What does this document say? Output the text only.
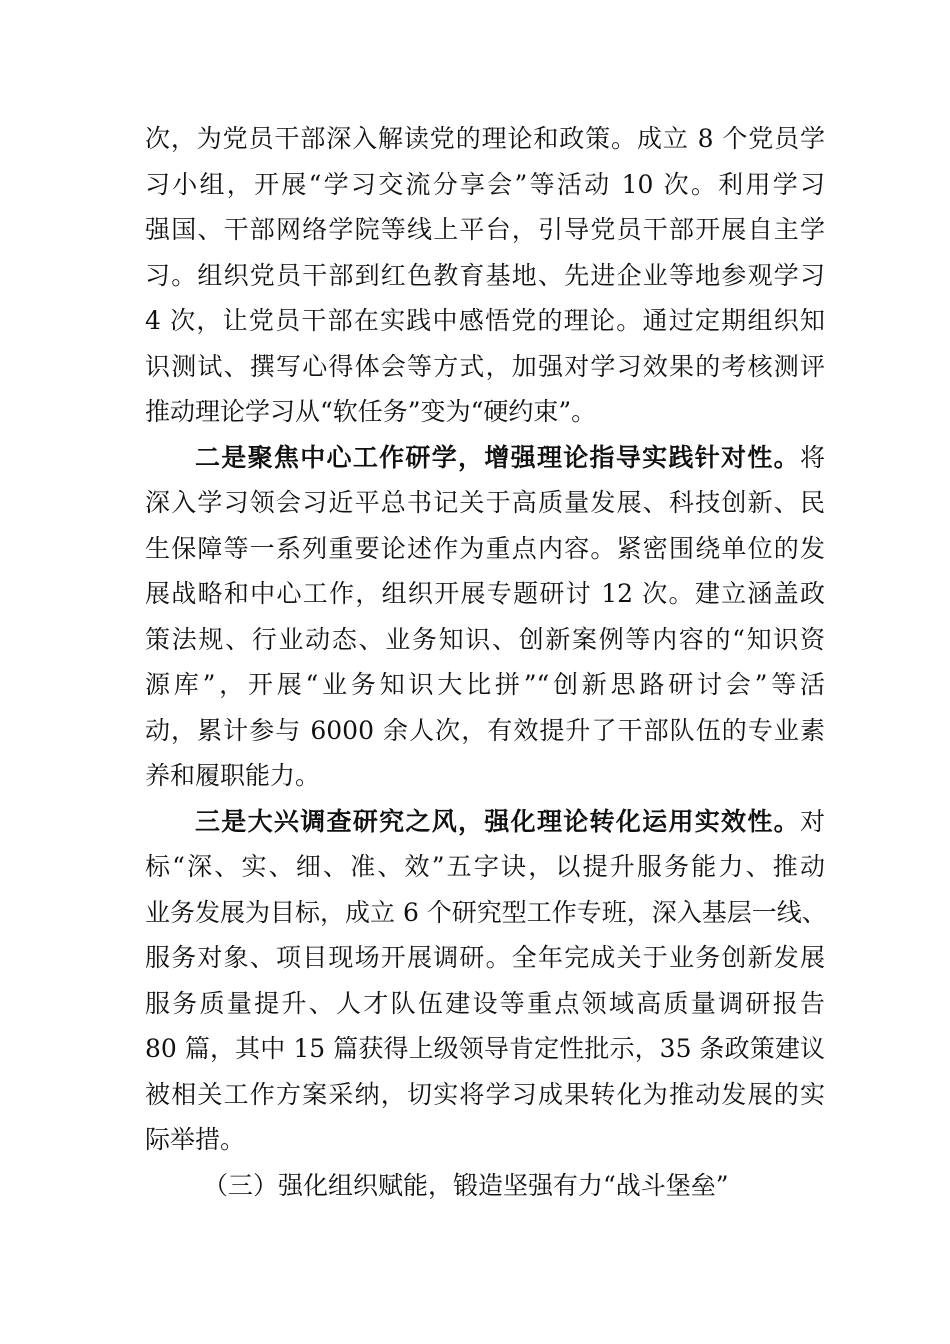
次，为党员干部深入解读党的理论和政策。成立 8 个党员学
习小组，开展“学习交流分享会”等活动 10 次。利用学习
强国、干部网络学院等线上平台，引导党员干部开展自主学
习。组织党员干部到红色教育基地、先进企业等地参观学习
4 次，让党员干部在实践中感悟党的理论。通过定期组织知
识测试、撰写心得体会等方式，加强对学习效果的考核测评
推动理论学习从“软任务”变为“硬约束”。
二是聚焦中心工作研学，增强理论指导实践针对性。将
深入学习领会习近平总书记关于高质量发展、科技创新、民
生保障等一系列重要论述作为重点内容。紧密围绕单位的发
展战略和中心工作，组织开展专题研讨 12 次。建立涵盖政
策法规、行业动态、业务知识、创新案例等内容的“知识资
源库”，开展“业务知识大比拼”“创新思路研讨会”等活
动，累计参与 6000 余人次，有效提升了干部队伍的专业素
养和履职能力。
三是大兴调查研究之风，强化理论转化运用实效性。对
标“深、实、细、准、效”五字诀，以提升服务能力、推动
业务发展为目标，成立 6 个研究型工作专班，深入基层一线、
服务对象、项目现场开展调研。全年完成关于业务创新发展
服务质量提升、人才队伍建设等重点领域高质量调研报告
80 篇，其中 15 篇获得上级领导肯定性批示，35 条政策建议
被相关工作方案采纳，切实将学习成果转化为推动发展的实
际举措。
（三）强化组织赋能，锻造坚强有力“战斗堡垒”
